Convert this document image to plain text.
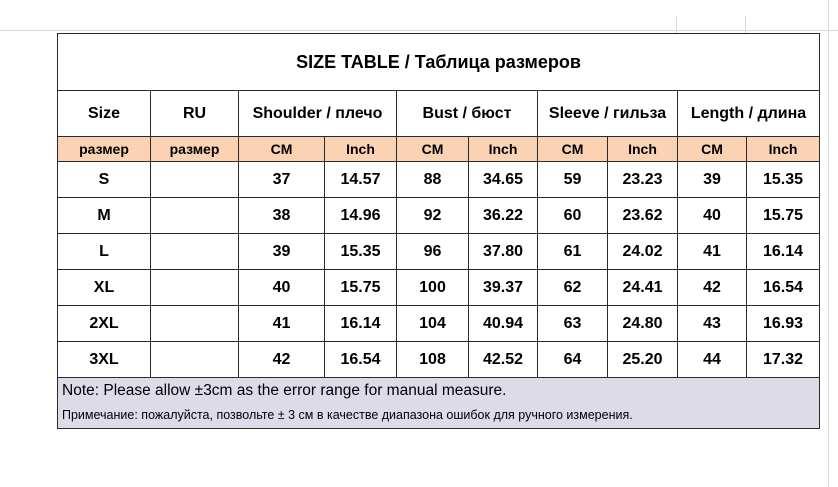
SIZE TABLE / Таблица размеров									
Size	RU	Shoulder / плечо		Bust / бюст		Sleeve / гильза		Length / длина	
размер	размер	CM	Inch	CM	Inch	CM	Inch	CM	Inch
S		37	14.57	88	34.65	59	23.23	39	15.35
M		38	14.96	92	36.22	60	23.62	40	15.75
L		39	15.35	96	37.80	61	24.02	41	16.14
XL		40	15.75	100	39.37	62	24.41	42	16.54
2XL		41	16.14	104	40.94	63	24.80	43	16.93
3XL		42	16.54	108	42.52	64	25.20	44	17.32

Note: Please allow ±3cm as the error range for manual measure.
Примечание: пожалуйста, позвольте ± 3 см в качестве диапазона ошибок для ручного измерения.									
